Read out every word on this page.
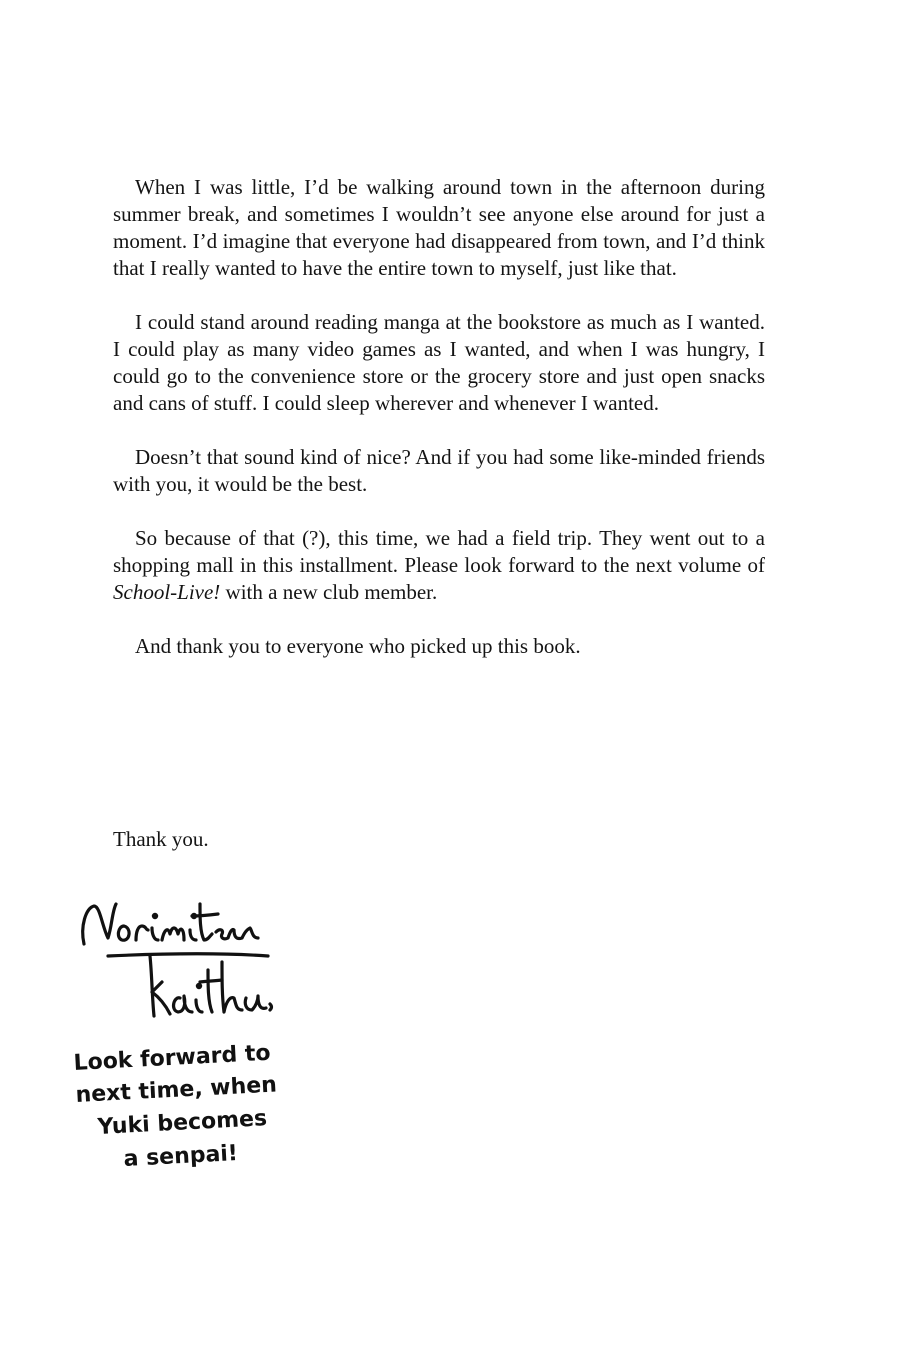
When I was little, I’d be walking around town in the afternoon during summer break, and sometimes I wouldn’t see anyone else around for just a moment. I’d imagine that everyone had disappeared from town, and I’d think that I really wanted to have the entire town to myself, just like that.

I could stand around reading manga at the bookstore as much as I wanted. I could play as many video games as I wanted, and when I was hungry, I could go to the convenience store or the grocery store and just open snacks and cans of stuff. I could sleep wherever and whenever I wanted.

Doesn’t that sound kind of nice? And if you had some like-minded friends with you, it would be the best.

So because of that (?), this time, we had a field trip. They went out to a shopping mall in this installment. Please look forward to the next volume of School-Live! with a new club member.

And thank you to everyone who picked up this book.

Thank you.

Look forward to
next time, when
Yuki becomes
a senpai!
